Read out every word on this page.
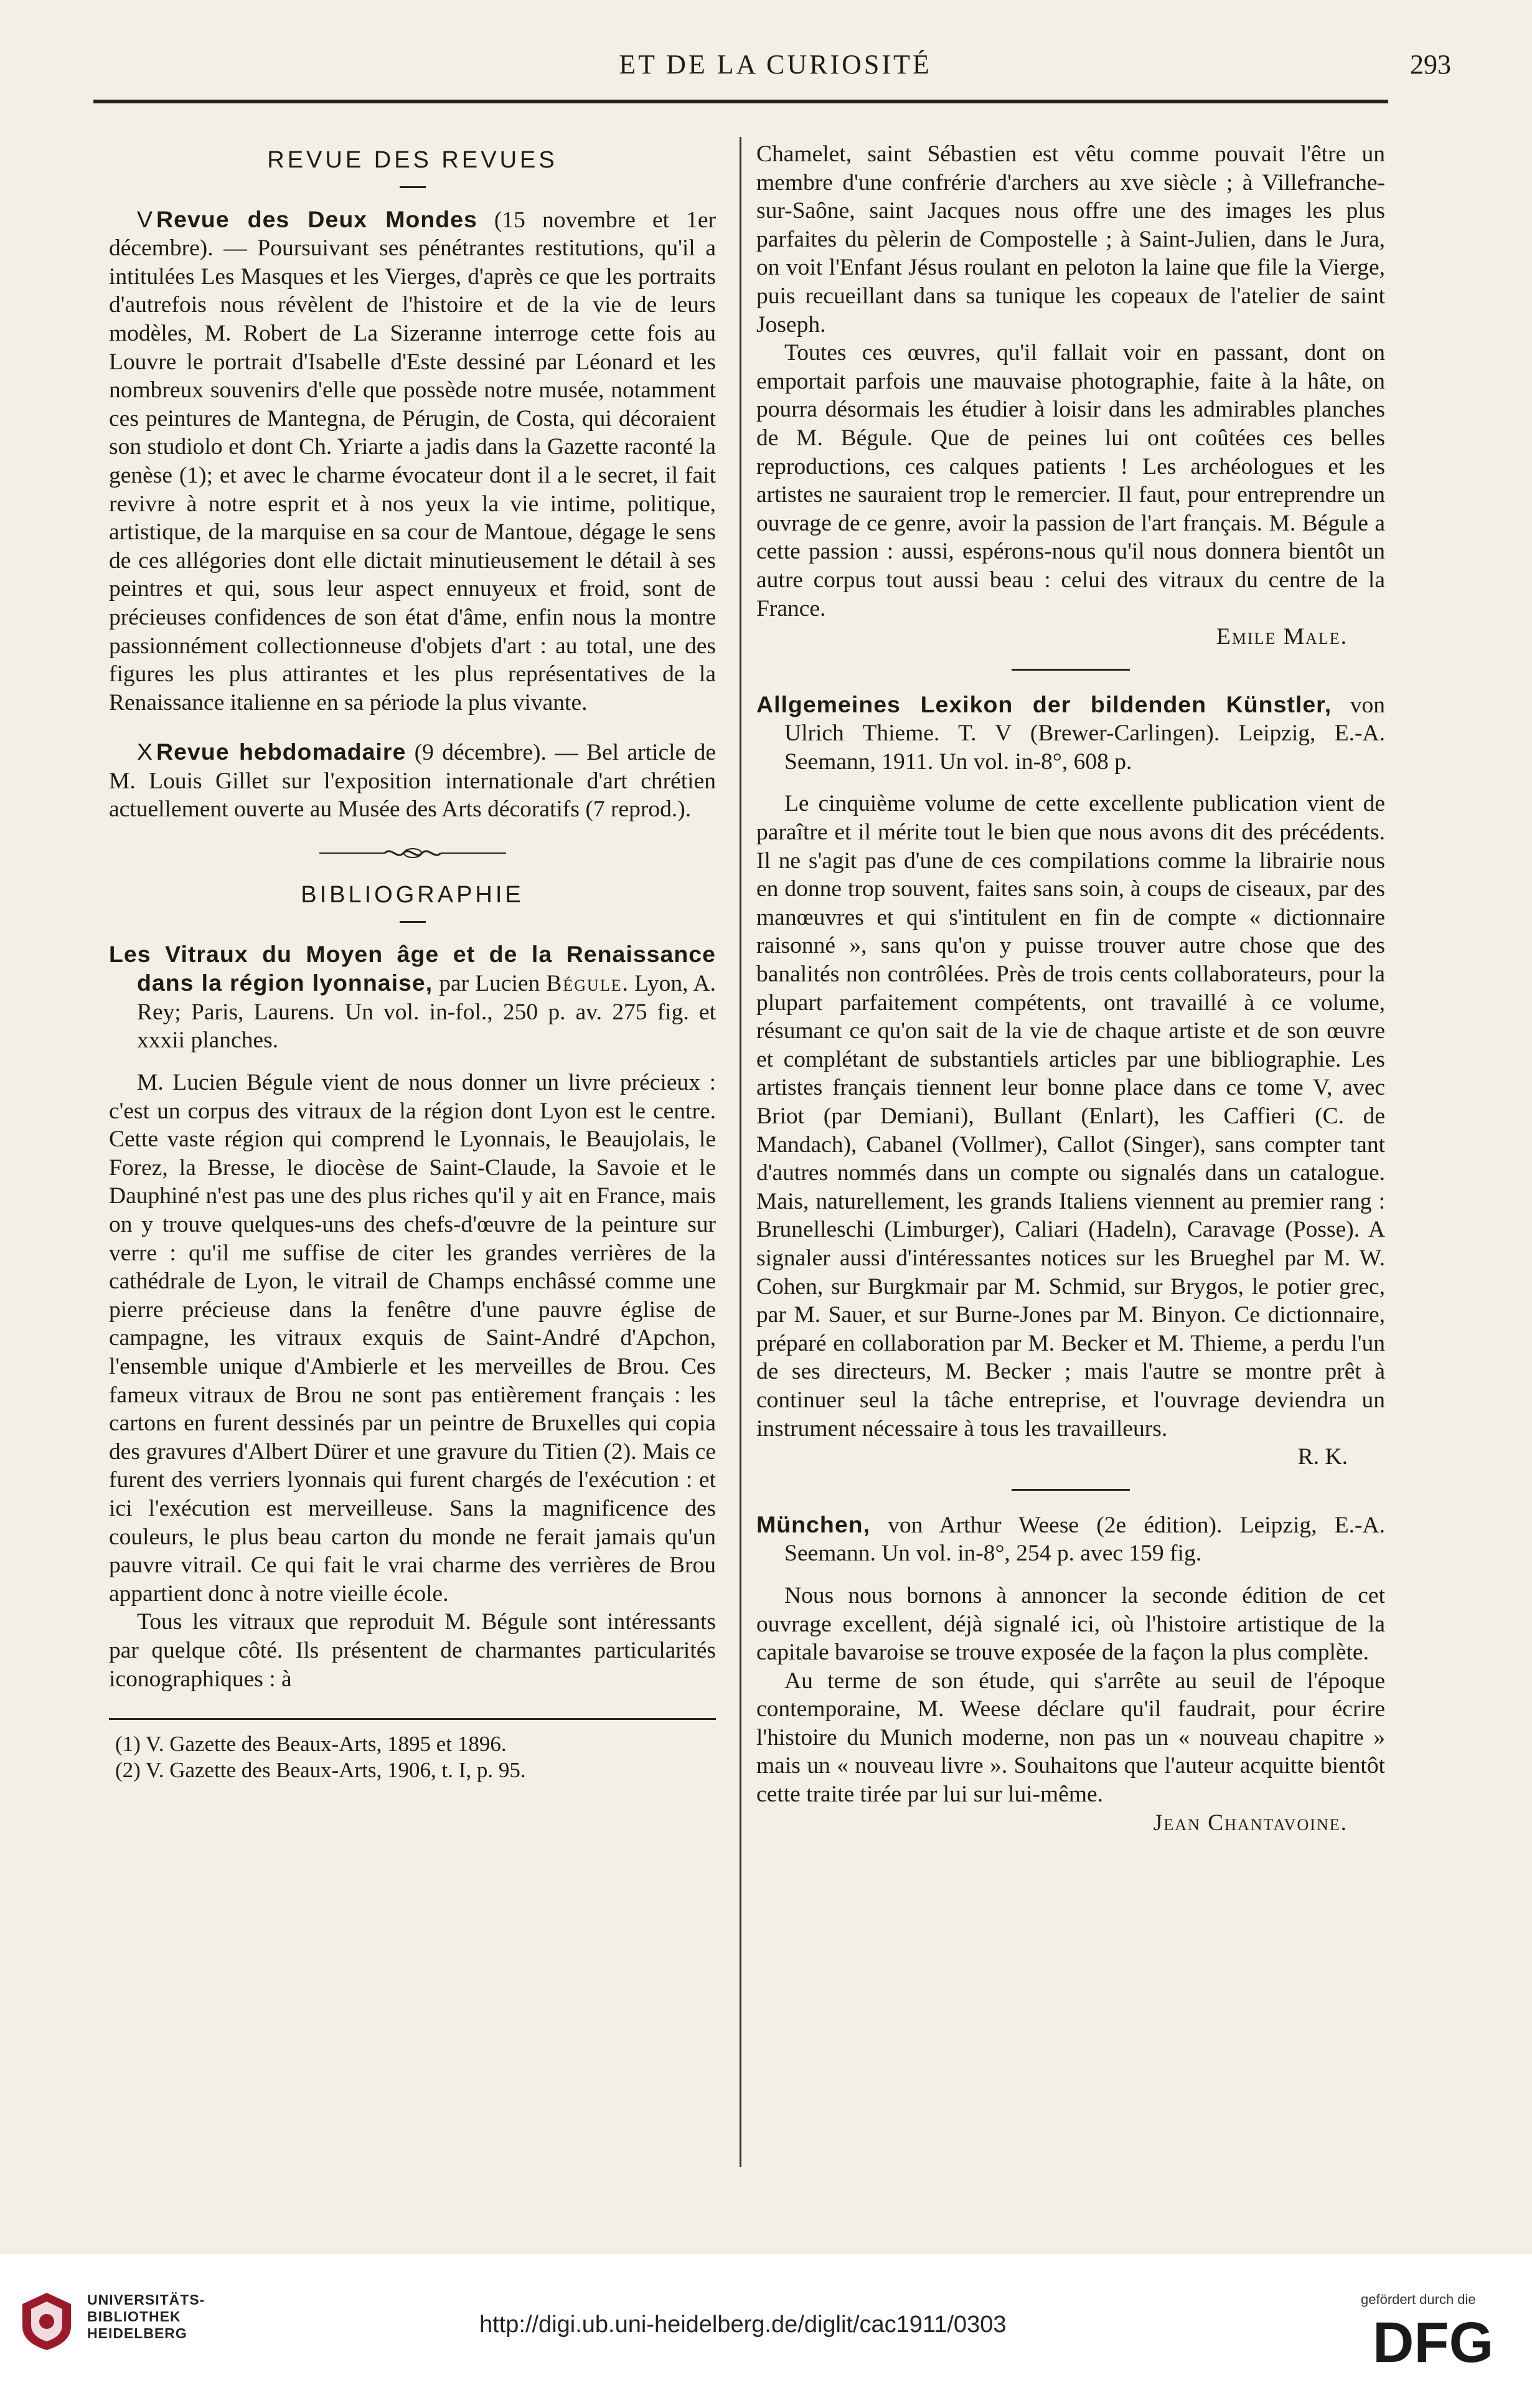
ET DE LA CURIOSITÉ	293
REVUE DES REVUES

V Revue des Deux Mondes (15 novembre et 1er décembre). — Poursuivant ses pénétrantes restitutions, qu'il a intitulées Les Masques et les Vierges, d'après ce que les portraits d'autrefois nous révèlent de l'histoire et de la vie de leurs modèles, M. Robert de La Sizeranne interroge cette fois au Louvre le portrait d'Isabelle d'Este dessiné par Léonard et les nombreux souvenirs d'elle que possède notre musée, notamment ces peintures de Mantegna, de Pérugin, de Costa, qui décoraient son studiolo et dont Ch. Yriarte a jadis dans la Gazette raconté la genèse (1); et avec le charme évocateur dont il a le secret, il fait revivre à notre esprit et à nos yeux la vie intime, politique, artistique, de la marquise en sa cour de Mantoue, dégage le sens de ces allégories dont elle dictait minutieusement le détail à ses peintres et qui, sous leur aspect ennuyeux et froid, sont de précieuses confidences de son état d'âme, enfin nous la montre passionnément collectionneuse d'objets d'art : au total, une des figures les plus attirantes et les plus représentatives de la Renaissance italienne en sa période la plus vivante.

X Revue hebdomadaire (9 décembre). — Bel article de M. Louis Gillet sur l'exposition internationale d'art chrétien actuellement ouverte au Musée des Arts décoratifs (7 reprod.).

BIBLIOGRAPHIE

Les Vitraux du Moyen âge et de la Renaissance dans la région lyonnaise, par Lucien Bégule. Lyon, A. Rey; Paris, Laurens. Un vol. in-fol., 250 p. av. 275 fig. et xxxii planches.

M. Lucien Bégule vient de nous donner un livre précieux : c'est un corpus des vitraux de la région dont Lyon est le centre. Cette vaste région qui comprend le Lyonnais, le Beaujolais, le Forez, la Bresse, le diocèse de Saint-Claude, la Savoie et le Dauphiné n'est pas une des plus riches qu'il y ait en France, mais on y trouve quelques-uns des chefs-d'œuvre de la peinture sur verre : qu'il me suffise de citer les grandes verrières de la cathédrale de Lyon, le vitrail de Champs enchâssé comme une pierre précieuse dans la fenêtre d'une pauvre église de campagne, les vitraux exquis de Saint-André d'Apchon, l'ensemble unique d'Ambierle et les merveilles de Brou. Ces fameux vitraux de Brou ne sont pas entièrement français : les cartons en furent dessinés par un peintre de Bruxelles qui copia des gravures d'Albert Dürer et une gravure du Titien (2). Mais ce furent des verriers lyonnais qui furent chargés de l'exécution : et ici l'exécution est merveilleuse. Sans la magnificence des couleurs, le plus beau carton du monde ne ferait jamais qu'un pauvre vitrail. Ce qui fait le vrai charme des verrières de Brou appartient donc à notre vieille école.

Tous les vitraux que reproduit M. Bégule sont intéressants par quelque côté. Ils présentent de charmantes particularités iconographiques : à

(1) V. Gazette des Beaux-Arts, 1895 et 1896.

(2) V. Gazette des Beaux-Arts, 1906, t. I, p. 95.

Chamelet, saint Sébastien est vêtu comme pouvait l'être un membre d'une confrérie d'archers au xve siècle ; à Villefranche-sur-Saône, saint Jacques nous offre une des images les plus parfaites du pèlerin de Compostelle ; à Saint-Julien, dans le Jura, on voit l'Enfant Jésus roulant en peloton la laine que file la Vierge, puis recueillant dans sa tunique les copeaux de l'atelier de saint Joseph.

Toutes ces œuvres, qu'il fallait voir en passant, dont on emportait parfois une mauvaise photographie, faite à la hâte, on pourra désormais les étudier à loisir dans les admirables planches de M. Bégule. Que de peines lui ont coûtées ces belles reproductions, ces calques patients ! Les archéologues et les artistes ne sauraient trop le remercier. Il faut, pour entreprendre un ouvrage de ce genre, avoir la passion de l'art français. M. Bégule a cette passion : aussi, espérons-nous qu'il nous donnera bientôt un autre corpus tout aussi beau : celui des vitraux du centre de la France.

Emile Male.

Allgemeines Lexikon der bildenden Künstler, von Ulrich Thieme. T. V (Brewer-Carlingen). Leipzig, E.-A. Seemann, 1911. Un vol. in-8°, 608 p.

Le cinquième volume de cette excellente publication vient de paraître et il mérite tout le bien que nous avons dit des précédents. Il ne s'agit pas d'une de ces compilations comme la librairie nous en donne trop souvent, faites sans soin, à coups de ciseaux, par des manœuvres et qui s'intitulent en fin de compte « dictionnaire raisonné », sans qu'on y puisse trouver autre chose que des banalités non contrôlées. Près de trois cents collaborateurs, pour la plupart parfaitement compétents, ont travaillé à ce volume, résumant ce qu'on sait de la vie de chaque artiste et de son œuvre et complétant de substantiels articles par une bibliographie. Les artistes français tiennent leur bonne place dans ce tome V, avec Briot (par Demiani), Bullant (Enlart), les Caffieri (C. de Mandach), Cabanel (Vollmer), Callot (Singer), sans compter tant d'autres nommés dans un compte ou signalés dans un catalogue. Mais, naturellement, les grands Italiens viennent au premier rang : Brunelleschi (Limburger), Caliari (Hadeln), Caravage (Posse). A signaler aussi d'intéressantes notices sur les Brueghel par M. W. Cohen, sur Burgkmair par M. Schmid, sur Brygos, le potier grec, par M. Sauer, et sur Burne-Jones par M. Binyon. Ce dictionnaire, préparé en collaboration par M. Becker et M. Thieme, a perdu l'un de ses directeurs, M. Becker ; mais l'autre se montre prêt à continuer seul la tâche entreprise, et l'ouvrage deviendra un instrument nécessaire à tous les travailleurs.

R. K.

München, von Arthur Weese (2e édition). Leipzig, E.-A. Seemann. Un vol. in-8°, 254 p. avec 159 fig.

Nous nous bornons à annoncer la seconde édition de cet ouvrage excellent, déjà signalé ici, où l'histoire artistique de la capitale bavaroise se trouve exposée de la façon la plus complète.

Au terme de son étude, qui s'arrête au seuil de l'époque contemporaine, M. Weese déclare qu'il faudrait, pour écrire l'histoire du Munich moderne, non pas un « nouveau chapitre » mais un « nouveau livre ». Souhaitons que l'auteur acquitte bientôt cette traite tirée par lui sur lui-même.

Jean Chantavoine.

UNIVERSITÄTS-
BIBLIOTHEK
HEIDELBERG	http://digi.ub.uni-heidelberg.de/diglit/cac1911/0303
gefördert durch die
DFG
